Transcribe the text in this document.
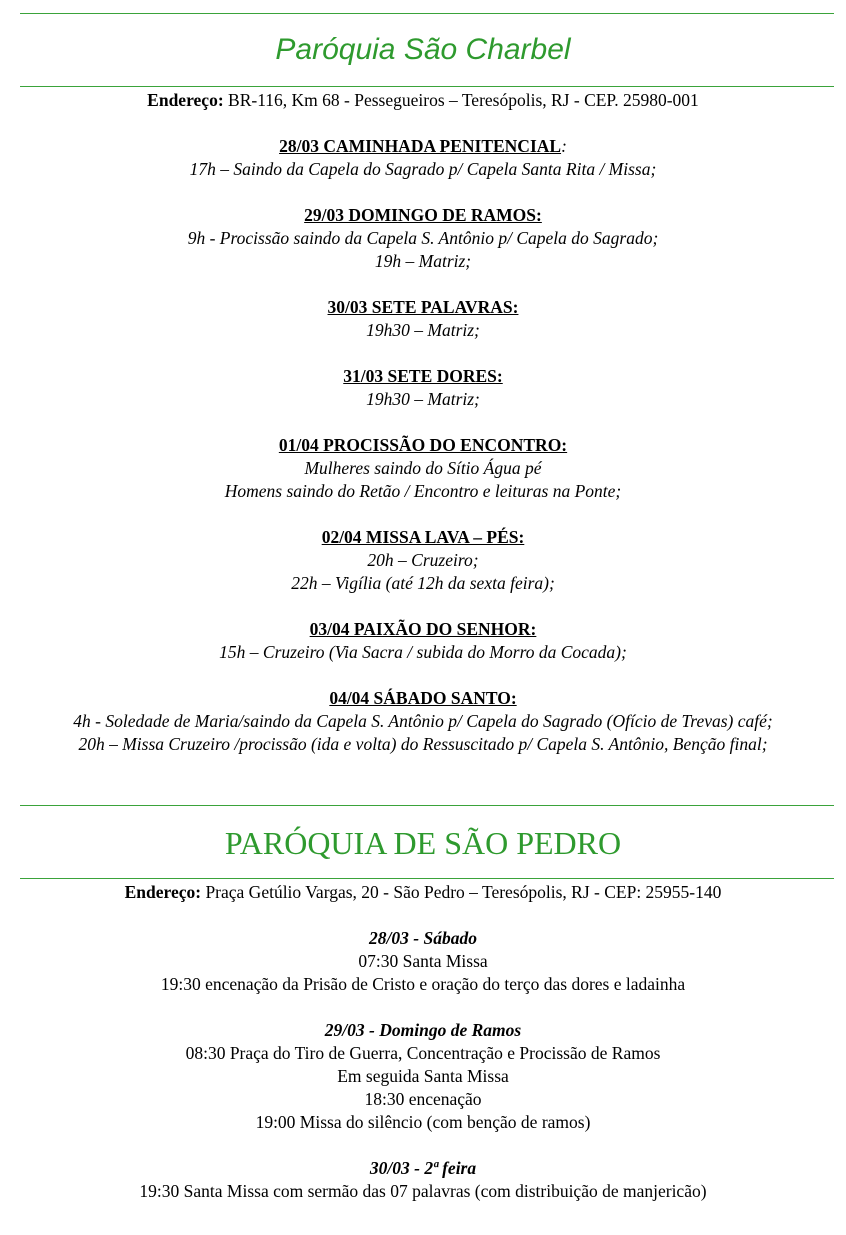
Paróquia São Charbel
Endereço: BR-116, Km 68 - Pessegueiros – Teresópolis, RJ - CEP. 25980-001
28/03 CAMINHADA PENITENCIAL:
17h – Saindo da Capela do Sagrado p/ Capela Santa Rita / Missa;
29/03 DOMINGO DE RAMOS:
9h - Procissão saindo da Capela S. Antônio p/ Capela do Sagrado;
19h – Matriz;
30/03 SETE PALAVRAS:
19h30 – Matriz;
31/03 SETE DORES:
19h30 – Matriz;
01/04 PROCISSÃO DO ENCONTRO:
Mulheres saindo do Sítio Água pé
Homens saindo do Retão / Encontro e leituras na Ponte;
02/04 MISSA LAVA – PÉS:
20h – Cruzeiro;
22h – Vigília (até 12h da sexta feira);
03/04 PAIXÃO DO SENHOR:
15h – Cruzeiro (Via Sacra / subida do Morro da Cocada);
04/04 SÁBADO SANTO:
4h - Soledade de Maria/saindo da Capela S. Antônio p/ Capela do Sagrado (Ofício de Trevas) café;
20h – Missa Cruzeiro /procissão (ida e volta) do Ressuscitado p/ Capela S. Antônio, Benção final;
PARÓQUIA DE SÃO PEDRO
Endereço: Praça Getúlio Vargas, 20 - São Pedro – Teresópolis, RJ - CEP: 25955-140
28/03 - Sábado
07:30 Santa Missa
19:30 encenação da Prisão de Cristo e oração do terço das dores e ladainha
29/03 - Domingo de Ramos
08:30 Praça do Tiro de Guerra, Concentração e Procissão de Ramos
Em seguida Santa Missa
18:30 encenação
19:00 Missa do silêncio (com benção de ramos)
30/03 - 2ª feira
19:30 Santa Missa com sermão das 07 palavras (com distribuição de manjericão)
